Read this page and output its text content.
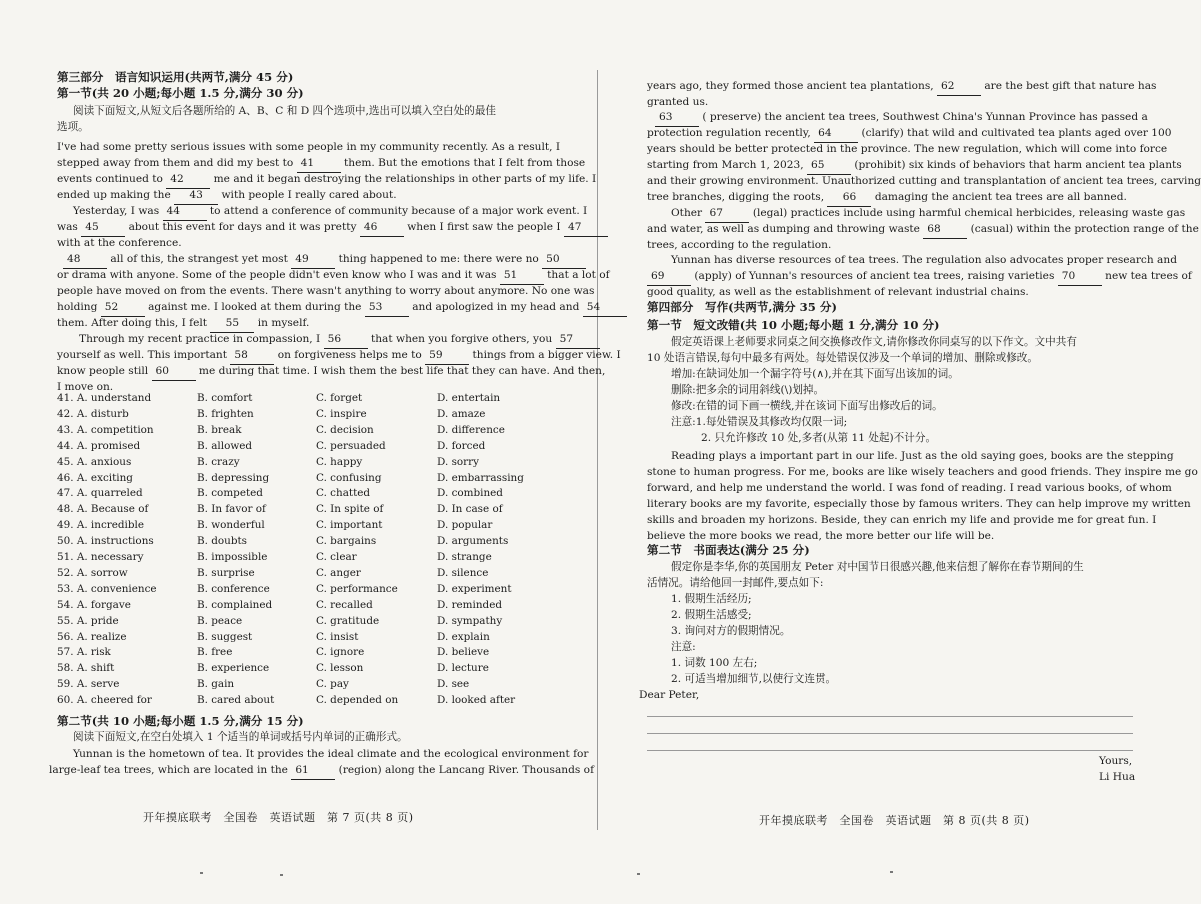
第三部分　语言知识运用(共两节,满分 45 分)
第一节(共 20 小题;每小题 1.5 分,满分 30 分)
阅读下面短文,从短文后各题所给的 A、B、C 和 D 四个选项中,选出可以填入空白处的最佳
选项。
I've had some pretty serious issues with some people in my community recently. As a result, I
stepped away from them and did my best to 41	them. But the emotions that I felt from those
events continued to 42	me and it began destroying the relationships in other parts of my life. I
ended up making the 43 with people I really cared about.
Yesterday, I was 44	to attend a conference of community because of a major work event. I
was 45	about this event for days and it was pretty 46	when I first saw the people I 47
with at the conference.
48	all of this, the strangest yet most 49	thing happened to me: there were no 50
or drama with anyone. Some of the people didn't even know who I was and it was 51	that a lot of
people have moved on from the events. There wasn't anything to worry about anymore. No one was
holding 52	against me. I looked at them during the 53	and apologized in my head and 54
them. After doing this, I felt 55 in myself.
Through my recent practice in compassion, I 56	that when you forgive others, you 57
yourself as well. This important 58	on forgiveness helps me to 59	things from a bigger view. I
know people still 60	me during that time. I wish them the best life that they can have. And then,
I move on.
41. A. understand	B. comfort	C. forget	D. entertain
42. A. disturb	B. frighten	C. inspire	D. amaze
43. A. competition	B. break	C. decision	D. difference
44. A. promised	B. allowed	C. persuaded	D. forced
45. A. anxious	B. crazy	C. happy	D. sorry
46. A. exciting	B. depressing	C. confusing	D. embarrassing
47. A. quarreled	B. competed	C. chatted	D. combined
48. A. Because of	B. In favor of	C. In spite of	D. In case of
49. A. incredible	B. wonderful	C. important	D. popular
50. A. instructions	B. doubts	C. bargains	D. arguments
51. A. necessary	B. impossible	C. clear	D. strange
52. A. sorrow	B. surprise	C. anger	D. silence
53. A. convenience	B. conference	C. performance	D. experiment
54. A. forgave	B. complained	C. recalled	D. reminded
55. A. pride	B. peace	C. gratitude	D. sympathy
56. A. realize	B. suggest	C. insist	D. explain
57. A. risk	B. free	C. ignore	D. believe
58. A. shift	B. experience	C. lesson	D. lecture
59. A. serve	B. gain	C. pay	D. see
60. A. cheered for	B. cared about	C. depended on	D. looked after
第二节(共 10 小题;每小题 1.5 分,满分 15 分)
阅读下面短文,在空白处填入 1 个适当的单词或括号内单词的正确形式。
Yunnan is the hometown of tea. It provides the ideal climate and the ecological environment for
large-leaf tea trees, which are located in the 61	(region) along the Lancang River. Thousands of
开年摸底联考　全国卷　英语试题　第 7 页(共 8 页)
years ago, they formed those ancient tea plantations, 62	are the best gift that nature has
granted us.
63	( preserve) the ancient tea trees, Southwest China's Yunnan Province has passed a
protection regulation recently, 64	(clarify) that wild and cultivated tea plants aged over 100
years should be better protected in the province. The new regulation, which will come into force
starting from March 1, 2023, 65	(prohibit) six kinds of behaviors that harm ancient tea plants
and their growing environment. Unauthorized cutting and transplantation of ancient tea trees, carving
tree branches, digging the roots, 66 damaging the ancient tea trees are all banned.
Other 67	(legal) practices include using harmful chemical herbicides, releasing waste gas
and water, as well as dumping and throwing waste 68	(casual) within the protection range of the
trees, according to the regulation.
Yunnan has diverse resources of tea trees. The regulation also advocates proper research and
69	(apply) of Yunnan's resources of ancient tea trees, raising varieties 70	new tea trees of
good quality, as well as the establishment of relevant industrial chains.
第四部分　写作(共两节,满分 35 分)
第一节　短文改错(共 10 小题;每小题 1 分,满分 10 分)
假定英语课上老师要求同桌之间交换修改作文,请你修改你同桌写的以下作文。文中共有
10 处语言错误,每句中最多有两处。每处错误仅涉及一个单词的增加、删除或修改。
增加:在缺词处加一个漏字符号(∧),并在其下面写出该加的词。
删除:把多余的词用斜线(\)划掉。
修改:在错的词下画一横线,并在该词下面写出修改后的词。
注意:1.每处错误及其修改均仅限一词;
2. 只允许修改 10 处,多者(从第 11 处起)不计分。
Reading plays a important part in our life. Just as the old saying goes, books are the stepping
stone to human progress. For me, books are like wisely teachers and good friends. They inspire me go
forward, and help me understand the world. I was fond of reading. I read various books, of whom
literary books are my favorite, especially those by famous writers. They can help improve my written
skills and broaden my horizons. Beside, they can enrich my life and provide me for great fun. I
believe the more books we read, the more better our life will be.
第二节　书面表达(满分 25 分)
假定你是李华,你的英国朋友 Peter 对中国节日很感兴趣,他来信想了解你在春节期间的生
活情况。请给他回一封邮件,要点如下:
1. 假期生活经历;
2. 假期生活感受;
3. 询问对方的假期情况。
注意:
1. 词数 100 左右;
2. 可适当增加细节,以使行文连贯。
Dear Peter,
Yours,
Li Hua
开年摸底联考　全国卷　英语试题　第 8 页(共 8 页)
